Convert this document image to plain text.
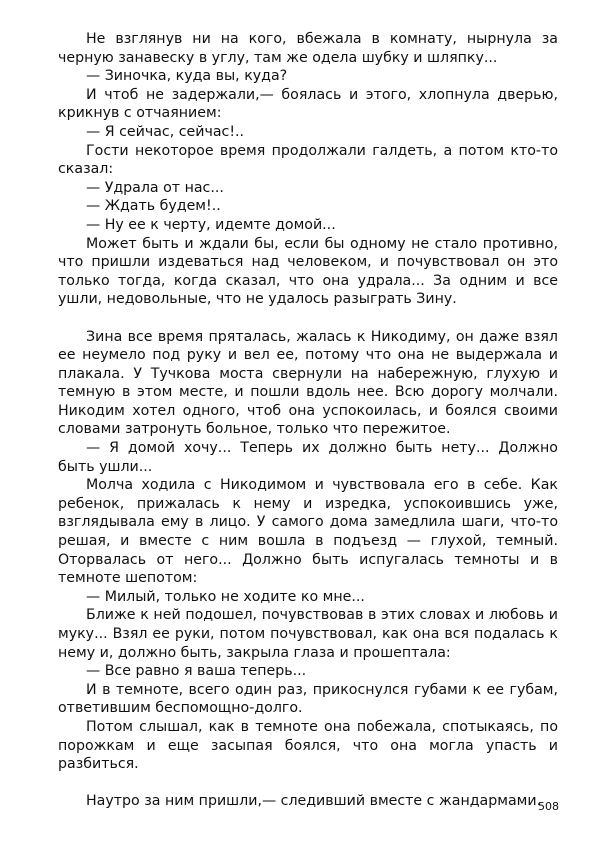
Не взглянув ни на кого, вбежала в комнату, нырнула за черную занавеску в углу, там же одела шубку и шляпку...

— Зиночка, куда вы, куда?

И чтоб не задержали,— боялась и этого, хлопнула дверью, крикнув с отчаянием:

— Я сейчас, сейчас!..

Гости некоторое время продолжали галдеть, а потом кто-то сказал:

— Удрала от нас...

— Ждать будем!..

— Ну ее к черту, идемте домой...

Может быть и ждали бы, если бы одному не стало противно, что пришли издеваться над человеком, и почувствовал он это только тогда, когда сказал, что она удрала... За одним и все ушли, недовольные, что не удалось разыграть Зину.

Зина все время пряталась, жалась к Никодиму, он даже взял ее неумело под руку и вел ее, потому что она не выдержала и плакала. У Тучкова моста свернули на набережную, глухую и темную в этом месте, и пошли вдоль нее. Всю дорогу молчали. Никодим хотел одного, чтоб она успокоилась, и боялся своими словами затронуть больное, только что пережитое.

— Я домой хочу... Теперь их должно быть нету... Должно быть ушли...

Молча ходила с Никодимом и чувствовала его в себе. Как ребенок, прижалась к нему и изредка, успокоившись уже, взглядывала ему в лицо. У самого дома замедлила шаги, что-то решая, и вместе с ним вошла в подъезд — глухой, темный. Оторвалась от него... Должно быть испугалась темноты и в темноте шепотом:

— Милый, только не ходите ко мне...

Ближе к ней подошел, почувствовав в этих словах и любовь и муку... Взял ее руки, потом почувствовал, как она вся подалась к нему и, должно быть, закрыла глаза и прошептала:

— Все равно я ваша теперь...

И в темноте, всего один раз, прикоснулся губами к ее губам, ответившим беспомощно-долго.

Потом слышал, как в темноте она побежала, спотыкаясь, по порожкам и еще засыпая боялся, что она могла упасть и разбиться.

Наутро за ним пришли,— следивший вместе с жандармами.

508
